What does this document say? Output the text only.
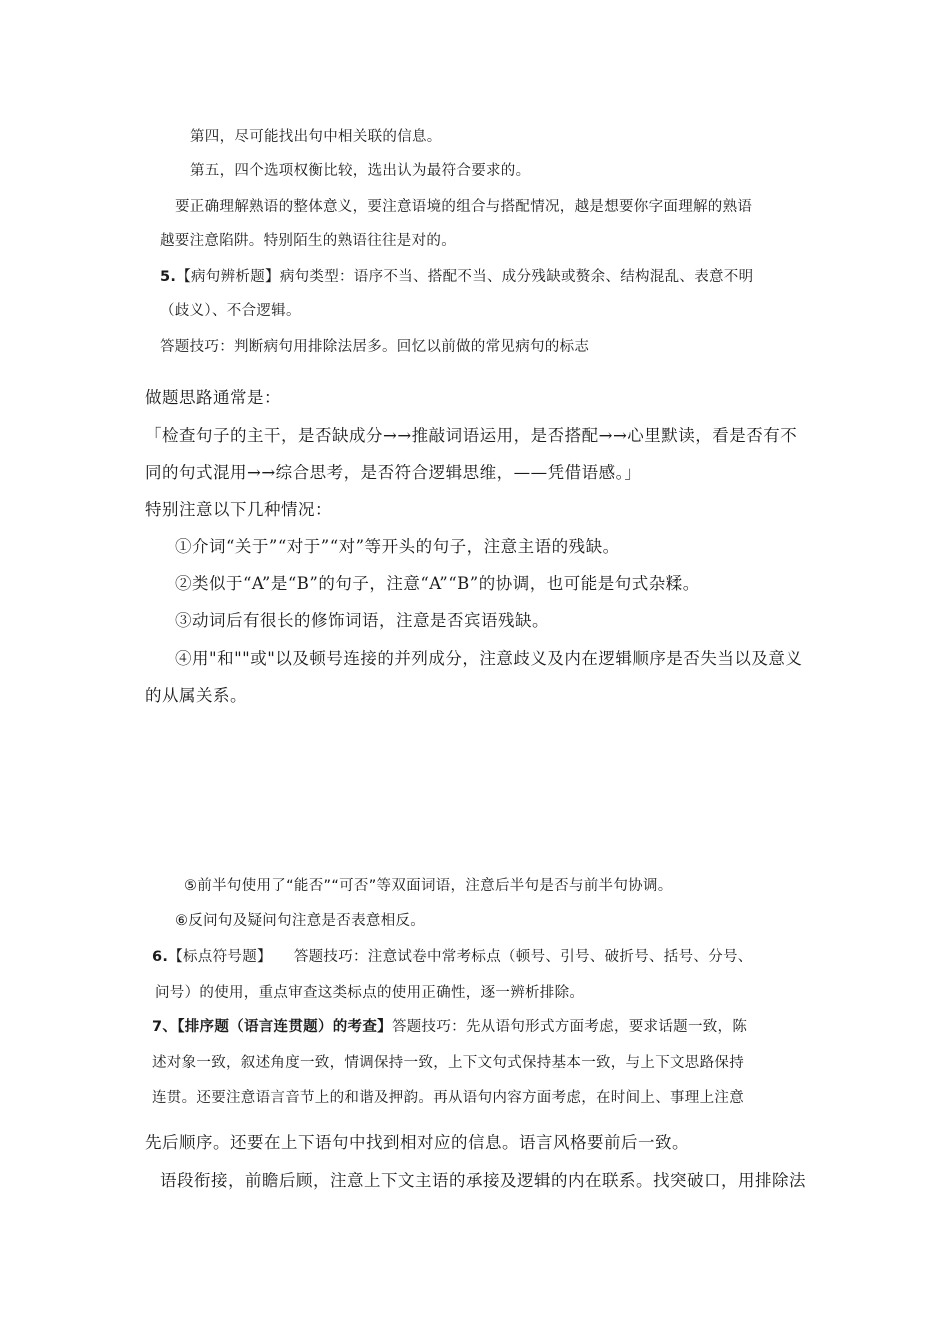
第四，尽可能找出句中相关联的信息。
第五，四个选项权衡比较，选出认为最符合要求的。
要正确理解熟语的整体意义，要注意语境的组合与搭配情况，越是想要你字面理解的熟语
越要注意陷阱。特别陌生的熟语往往是对的。
5.【病句辨析题】病句类型：语序不当、搭配不当、成分残缺或赘余、结构混乱、表意不明
（歧义）、不合逻辑。
答题技巧：判断病句用排除法居多。回忆以前做的常见病句的标志
做题思路通常是：
「检查句子的主干，是否缺成分→→推敲词语运用，是否搭配→→心里默读，看是否有不
同的句式混用→→综合思考，是否符合逻辑思维，——凭借语感。」
特别注意以下几种情况：
①介词“关于”“对于”“对”等开头的句子，注意主语的残缺。
②类似于“A”是“B”的句子，注意“A”“B”的协调，也可能是句式杂糅。
③动词后有很长的修饰词语，注意是否宾语残缺。
④用"和""或"以及顿号连接的并列成分，注意歧义及内在逻辑顺序是否失当以及意义
的从属关系。
⑤前半句使用了“能否”“可否”等双面词语，注意后半句是否与前半句协调。
⑥反问句及疑问句注意是否表意相反。
6.【标点符号题】 答题技巧：注意试卷中常考标点（顿号、引号、破折号、括号、分号、
问号）的使用，重点审查这类标点的使用正确性，逐一辨析排除。
7、【排序题（语言连贯题）的考查】答题技巧：先从语句形式方面考虑，要求话题一致，陈
述对象一致，叙述角度一致，情调保持一致，上下文句式保持基本一致，与上下文思路保持
连贯。还要注意语言音节上的和谐及押韵。再从语句内容方面考虑，在时间上、事理上注意
先后顺序。还要在上下语句中找到相对应的信息。语言风格要前后一致。
语段衔接，前瞻后顾，注意上下文主语的承接及逻辑的内在联系。找突破口，用排除法
